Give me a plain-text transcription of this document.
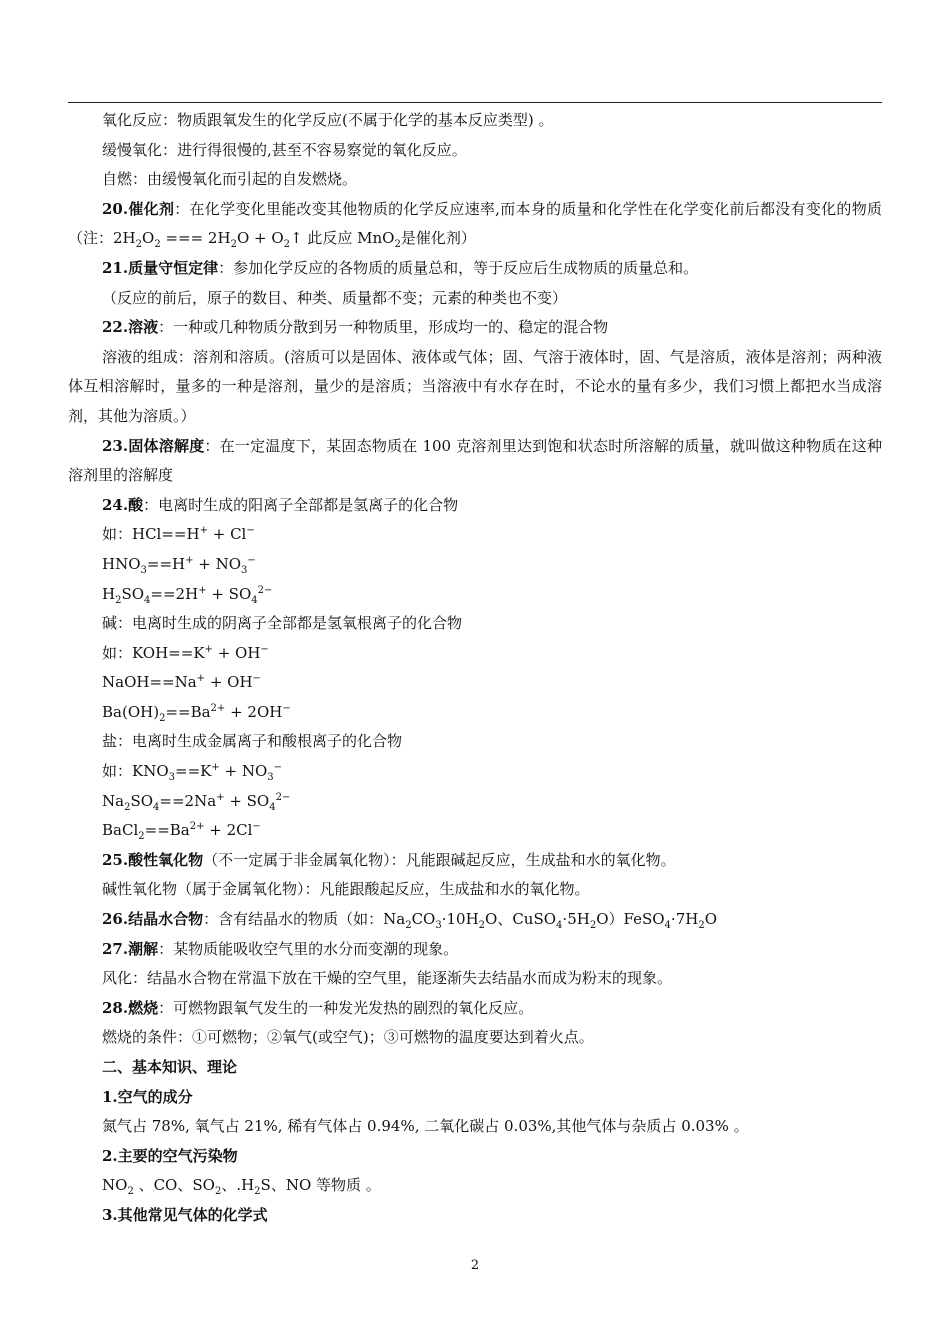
氧化反应：物质跟氧发生的化学反应(不属于化学的基本反应类型) 。
缓慢氧化：进行得很慢的,甚至不容易察觉的氧化反应。
自燃：由缓慢氧化而引起的自发燃烧。
20.催化剂：在化学变化里能改变其他物质的化学反应速率,而本身的质量和化学性在化学变化前后都没有变化的物质（注：$2H_2O_2$ === $2H_2O$ + $O_2↑$ 此反应 MnO$_2$是催化剂）
21.质量守恒定律：参加化学反应的各物质的质量总和，等于反应后生成物质的质量总和。
（反应的前后，原子的数目、种类、质量都不变；元素的种类也不变）
22.溶液：一种或几种物质分散到另一种物质里，形成均一的、稳定的混合物
溶液的组成：溶剂和溶质。(溶质可以是固体、液体或气体；固、气溶于液体时，固、气是溶质，液体是溶剂；两种液体互相溶解时，量多的一种是溶剂，量少的是溶质；当溶液中有水存在时，不论水的量有多少，我们习惯上都把水当成溶剂，其他为溶质。）
23.固体溶解度：在一定温度下，某固态物质在 100 克溶剂里达到饱和状态时所溶解的质量，就叫做这种物质在这种溶剂里的溶解度
24.酸：电离时生成的阳离子全部都是氢离子的化合物
如：HCl==H+ + Cl−
$HNO_3==H^+ + NO_3^-$
$H_2SO_4==2H^+ + SO_4^{2-}$
碱：电离时生成的阴离子全部都是氢氧根离子的化合物
如：KOH==K+ + OH−
NaOH==Na+ + OH−
$Ba(OH)_2==Ba^{2+} + 2OH^-$
盐：电离时生成金属离子和酸根离子的化合物
如：$KNO_3==K^+ + NO_3^-$
$Na_2SO_4==2Na^+ + SO_4^{2-}$
$BaCl_2==Ba^{2+} + 2Cl^-$
25.酸性氧化物（不一定属于非金属氧化物）：凡能跟碱起反应，生成盐和水的氧化物。
碱性氧化物（属于金属氧化物）：凡能跟酸起反应，生成盐和水的氧化物。
26.结晶水合物：含有结晶水的物质（如：$Na_2CO_3\cdot 10H_2O$、$CuSO_4\cdot 5H_2O)FeSO_4\cdot 7H_2O$
27.潮解：某物质能吸收空气里的水分而变潮的现象。
风化：结晶水合物在常温下放在干燥的空气里，能逐渐失去结晶水而成为粉末的现象。
28.燃烧：可燃物跟氧气发生的一种发光发热的剧烈的氧化反应。
燃烧的条件：①可燃物；②氧气(或空气)；③可燃物的温度要达到着火点。
二、基本知识、理论
1.空气的成分
氮气占 78%, 氧气占 21%, 稀有气体占 0.94%, 二氧化碳占 0.03%,其他气体与杂质占 0.03% 。
2.主要的空气污染物
$NO_2$ 、CO、$SO_2$、$.H_2S$、NO 等物质 。
3.其他常见气体的化学式
2
